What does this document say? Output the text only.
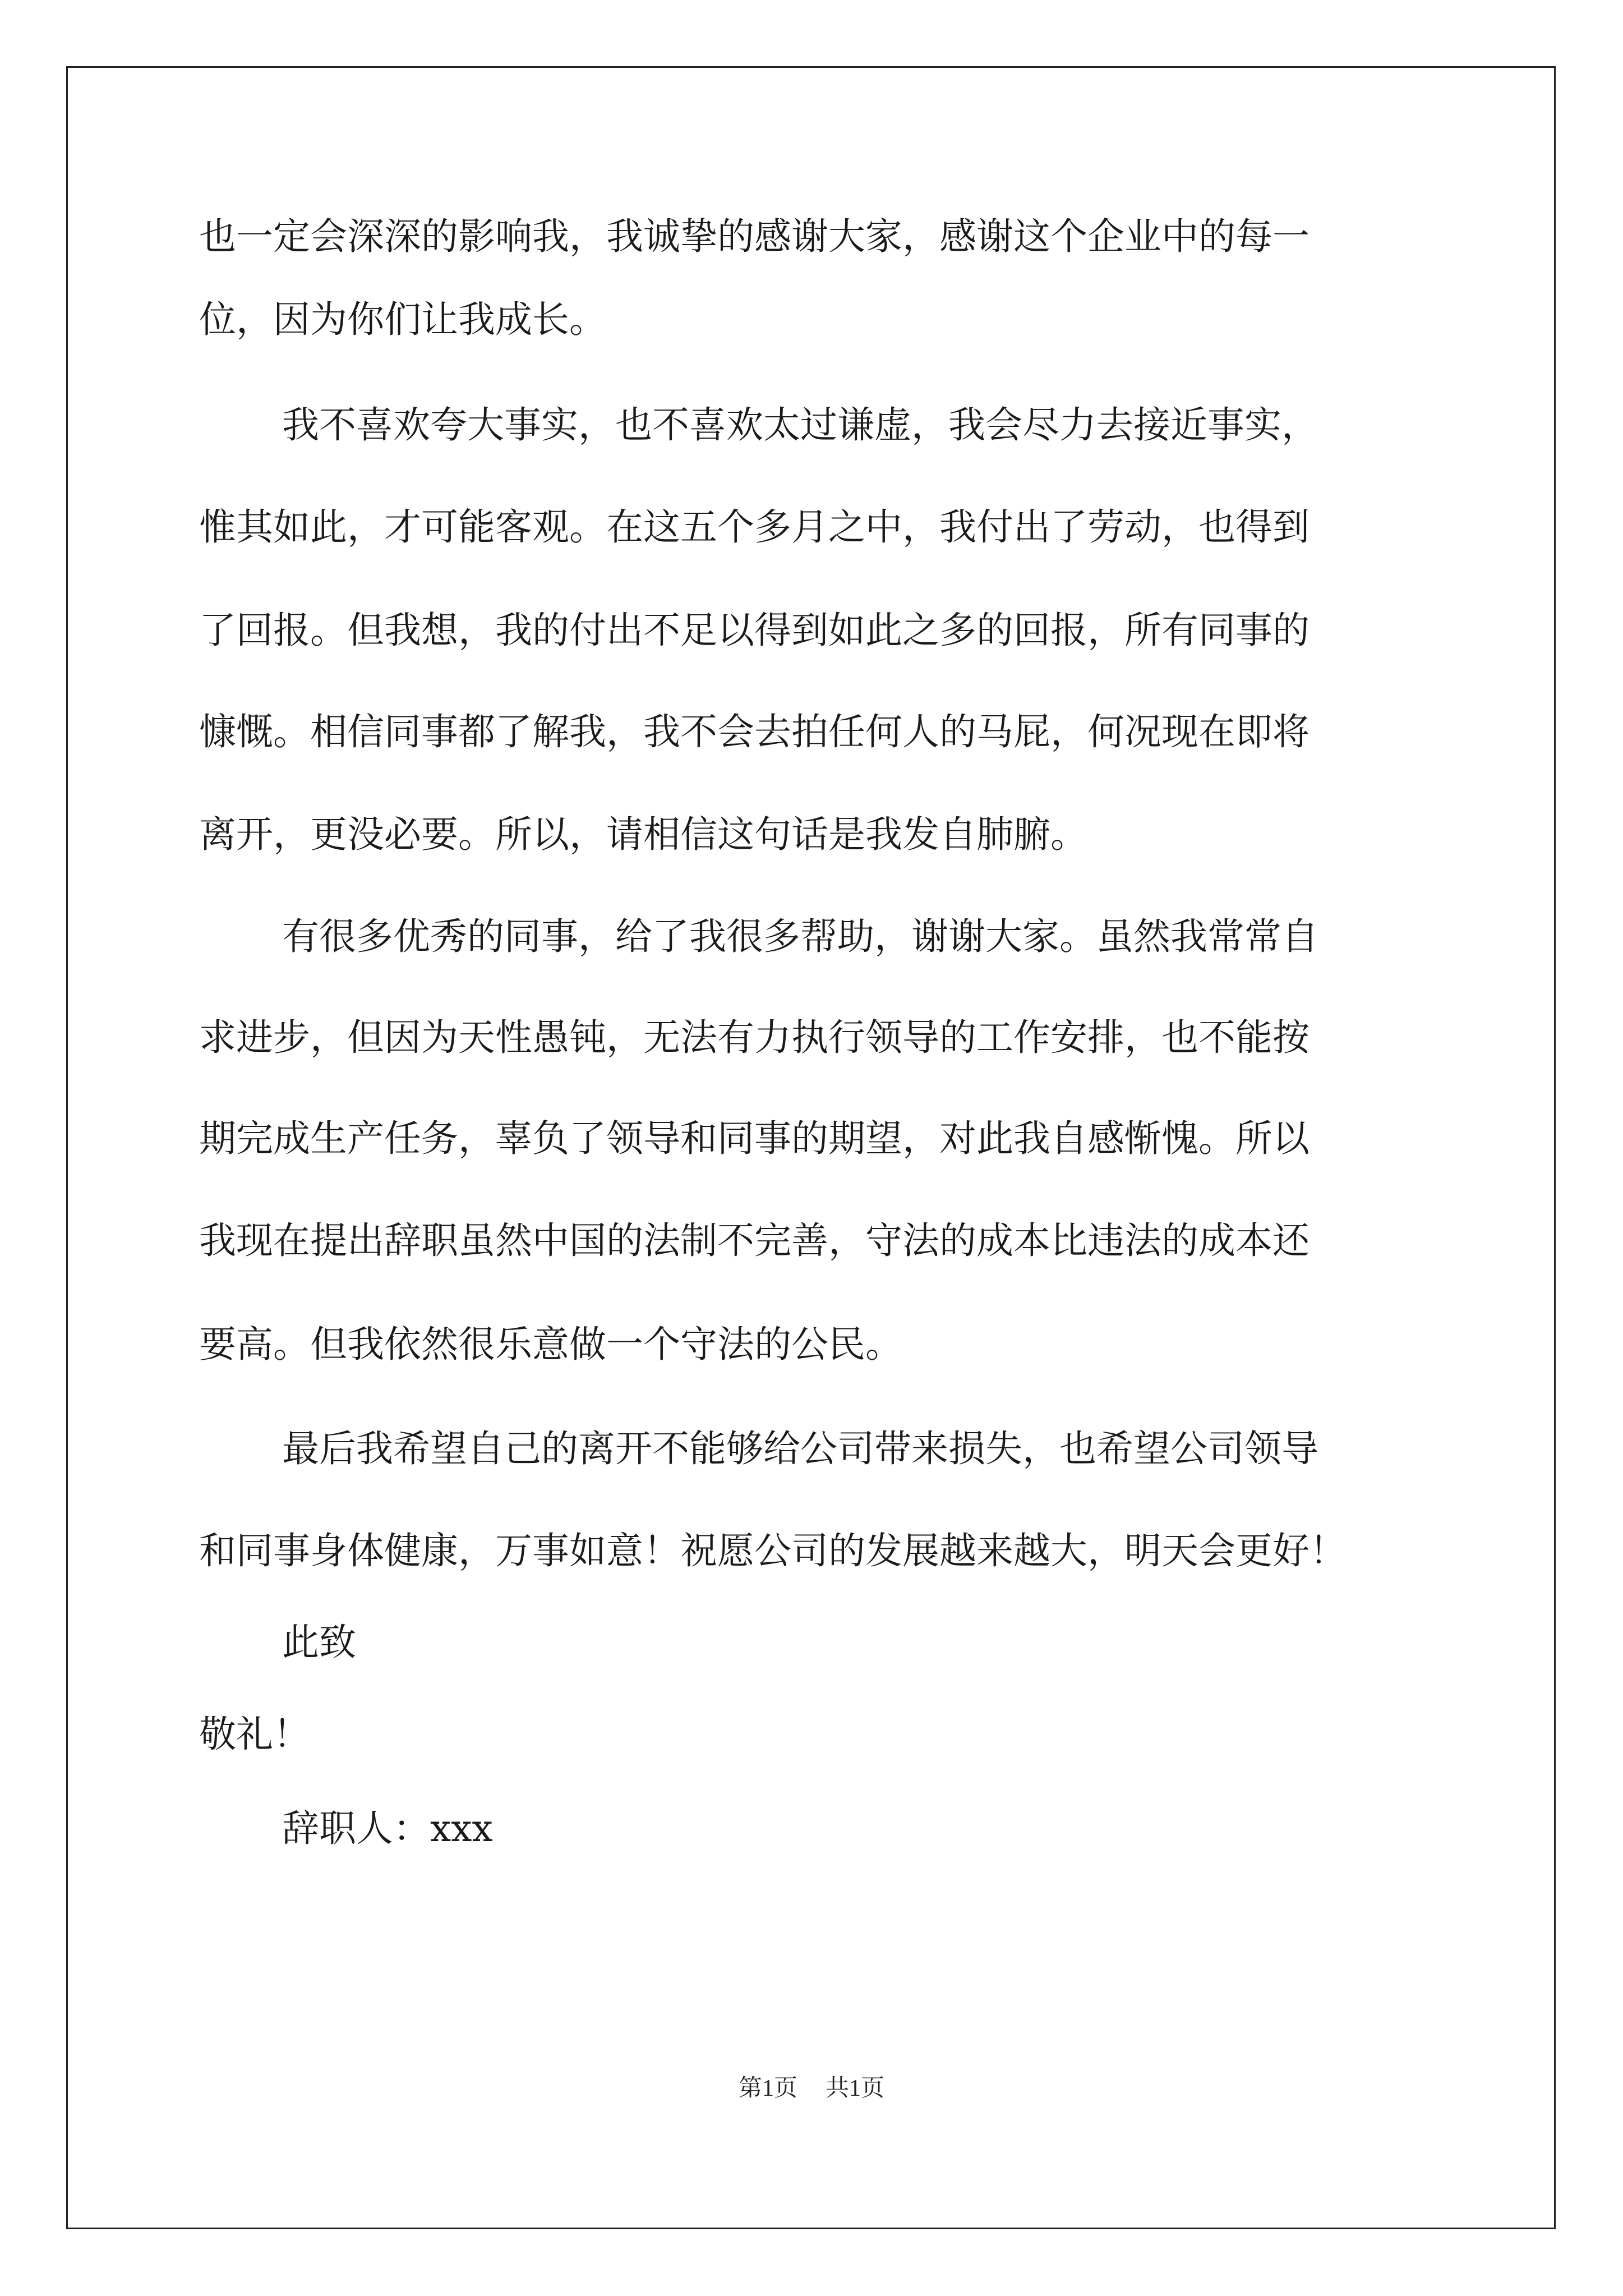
也一定会深深的影响我，我诚挚的感谢大家，感谢这个企业中的每一
位，因为你们让我成长。
我不喜欢夸大事实，也不喜欢太过谦虚，我会尽力去接近事实，
惟其如此，才可能客观。在这五个多月之中，我付出了劳动，也得到
了回报。但我想，我的付出不足以得到如此之多的回报，所有同事的
慷慨。相信同事都了解我，我不会去拍任何人的马屁，何况现在即将
离开，更没必要。所以，请相信这句话是我发自肺腑。
有很多优秀的同事，给了我很多帮助，谢谢大家。虽然我常常自
求进步，但因为天性愚钝，无法有力执行领导的工作安排，也不能按
期完成生产任务，辜负了领导和同事的期望，对此我自感惭愧。所以
我现在提出辞职虽然中国的法制不完善，守法的成本比违法的成本还
要高。但我依然很乐意做一个守法的公民。
最后我希望自己的离开不能够给公司带来损失，也希望公司领导
和同事身体健康，万事如意！祝愿公司的发展越来越大，明天会更好！
此致
敬礼！
辞职人：xxx
第1页 共1页
